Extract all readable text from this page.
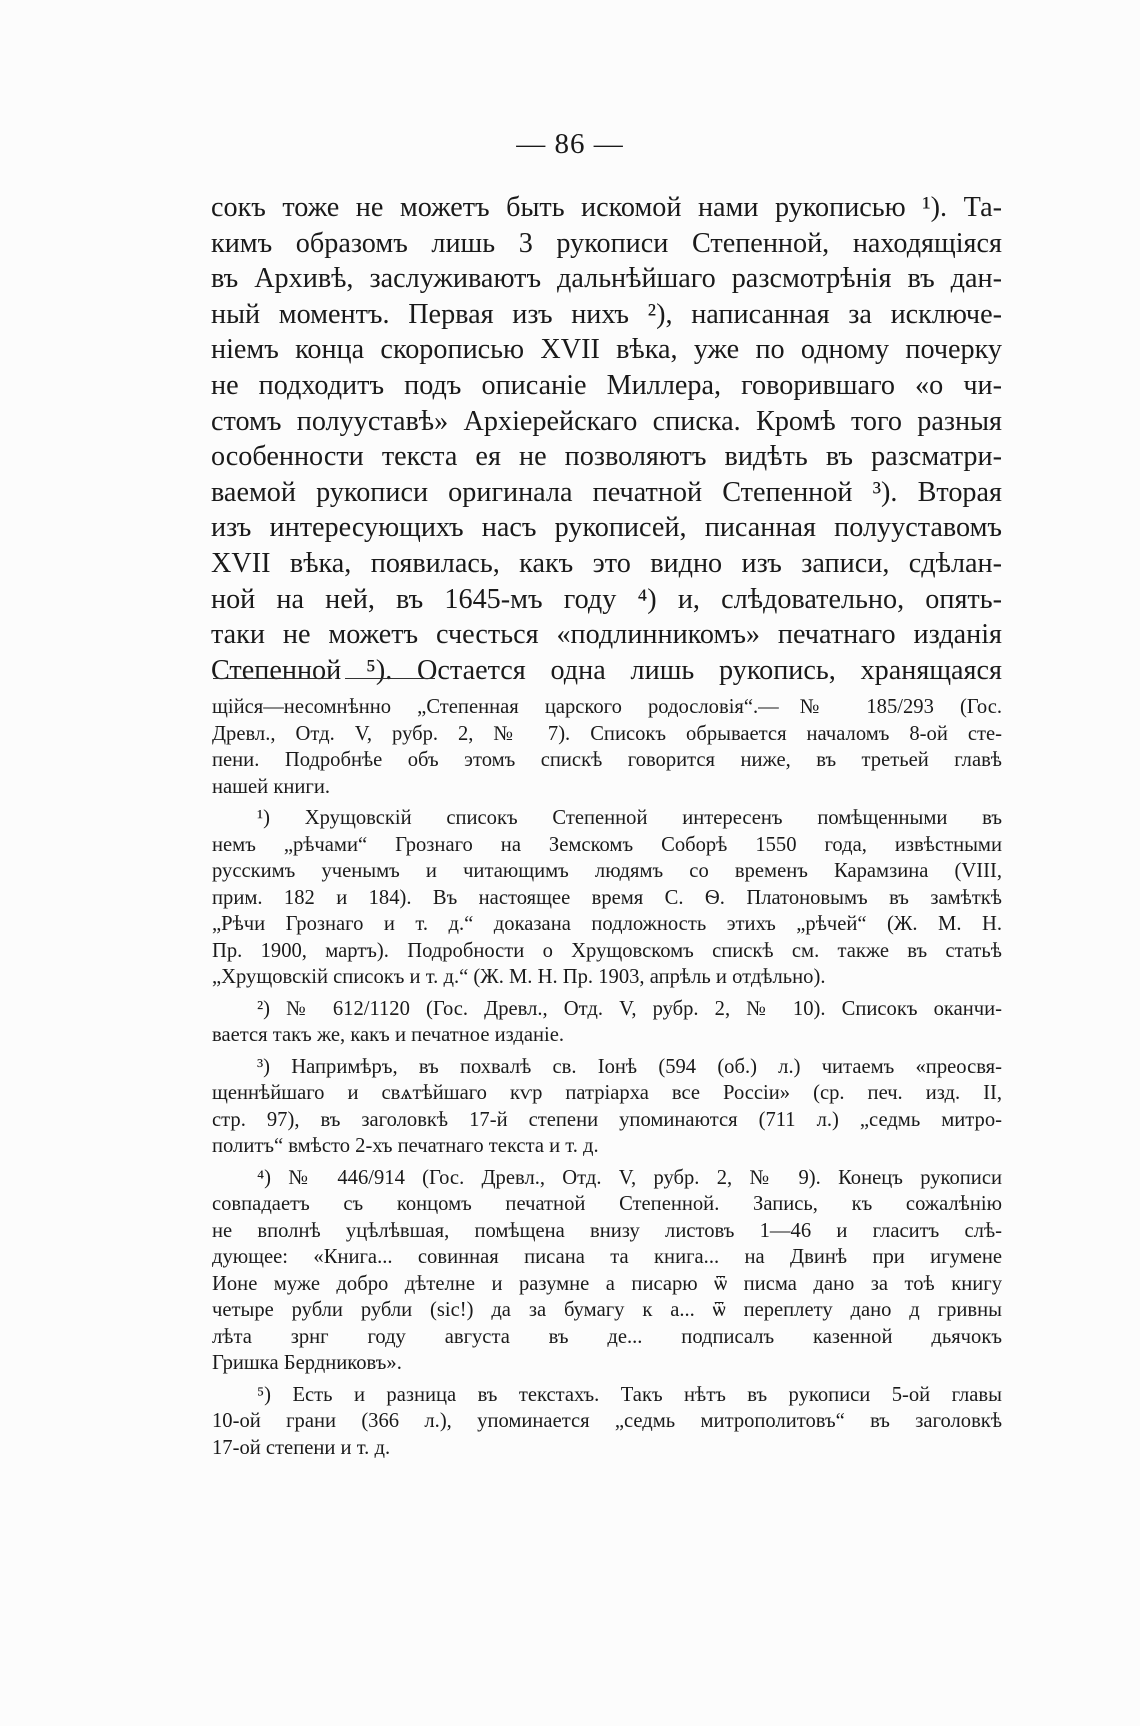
— 86 —
сокъ тоже не можетъ быть искомой нами рукописью ¹). Та-
кимъ образомъ лишь 3 рукописи Степенной, находящіяся
въ Архивѣ, заслуживаютъ дальнѣйшаго разсмотрѣнія въ дан-
ный моментъ. Первая изъ нихъ ²), написанная за исключе-
ніемъ конца скорописью XVII вѣка, уже по одному почерку
не подходитъ подъ описаніе Миллера, говорившаго «о чи-
стомъ полууставѣ» Архіерейскаго списка. Кромѣ того разныя
особенности текста ея не позволяютъ видѣть въ разсматри-
ваемой рукописи оригинала печатной Степенной ³). Вторая
изъ интересующихъ насъ рукописей, писанная полууставомъ
XVII вѣка, появилась, какъ это видно изъ записи, сдѣлан-
ной на ней, въ 1645-мъ году ⁴) и, слѣдовательно, опять-
таки не можетъ счесться «подлинникомъ» печатнаго изданія
Степенной ⁵). Остается одна лишь рукопись, хранящаяся
щійся—несомнѣнно „Степенная царского родословія“.—№ 185/293 (Гос.
Древл., Отд. V, рубр. 2, № 7). Списокъ обрывается началомъ 8-ой сте-
пени. Подробнѣе объ этомъ спискѣ говорится ниже, въ третьей главѣ
нашей книги.
¹) Хрущовскій списокъ Степенной интересенъ помѣщенными въ
немъ „рѣчами“ Грознаго на Земскомъ Соборѣ 1550 года, извѣстными
русскимъ ученымъ и читающимъ людямъ со временъ Карамзина (VIII,
прим. 182 и 184). Въ настоящее время С. Ѳ. Платоновымъ въ замѣткѣ
„Рѣчи Грознаго и т. д.“ доказана подложность этихъ „рѣчей“ (Ж. М. Н.
Пр. 1900, мартъ). Подробности о Хрущовскомъ спискѣ см. также въ статьѣ
„Хрущовскій списокъ и т. д.“ (Ж. М. Н. Пр. 1903, апрѣль и отдѣльно).
²) № 612/1120 (Гос. Древл., Отд. V, рубр. 2, № 10). Списокъ оканчи-
вается такъ же, какъ и печатное изданіе.
³) Напримѣръ, въ похвалѣ св. Іонѣ (594 (об.) л.) читаемъ «преосвя-
щеннѣйшаго и свѧтѣйшаго кѵр патріарха все Россіи» (ср. печ. изд. II,
стр. 97), въ заголовкѣ 17-й степени упоминаются (711 л.) „седмь митро-
политъ“ вмѣсто 2-хъ печатнаго текста и т. д.
⁴) № 446/914 (Гос. Древл., Отд. V, рубр. 2, № 9). Конецъ рукописи
совпадаетъ съ концомъ печатной Степенной. Запись, къ сожалѣнію
не вполнѣ уцѣлѣвшая, помѣщена внизу листовъ 1—46 и гласитъ слѣ-
дующее: «Книга... совинная писана та книга... на Двинѣ при игумене
Ионе муже добро дѣтелне и разумне а писарю ѿ писма дано за тоѣ книгу
четыре рубли рубли (sic!) да за бумагу к а... ѿ переплету дано д гривны
лѣта зрнг году августа въ де... подписалъ казенной дьячокъ
Гришка Бердниковъ».
⁵) Есть и разница въ текстахъ. Такъ нѣтъ въ рукописи 5-ой главы
10-ой грани (366 л.), упоминается „седмь митрополитовъ“ въ заголовкѣ
17-ой степени и т. д.
